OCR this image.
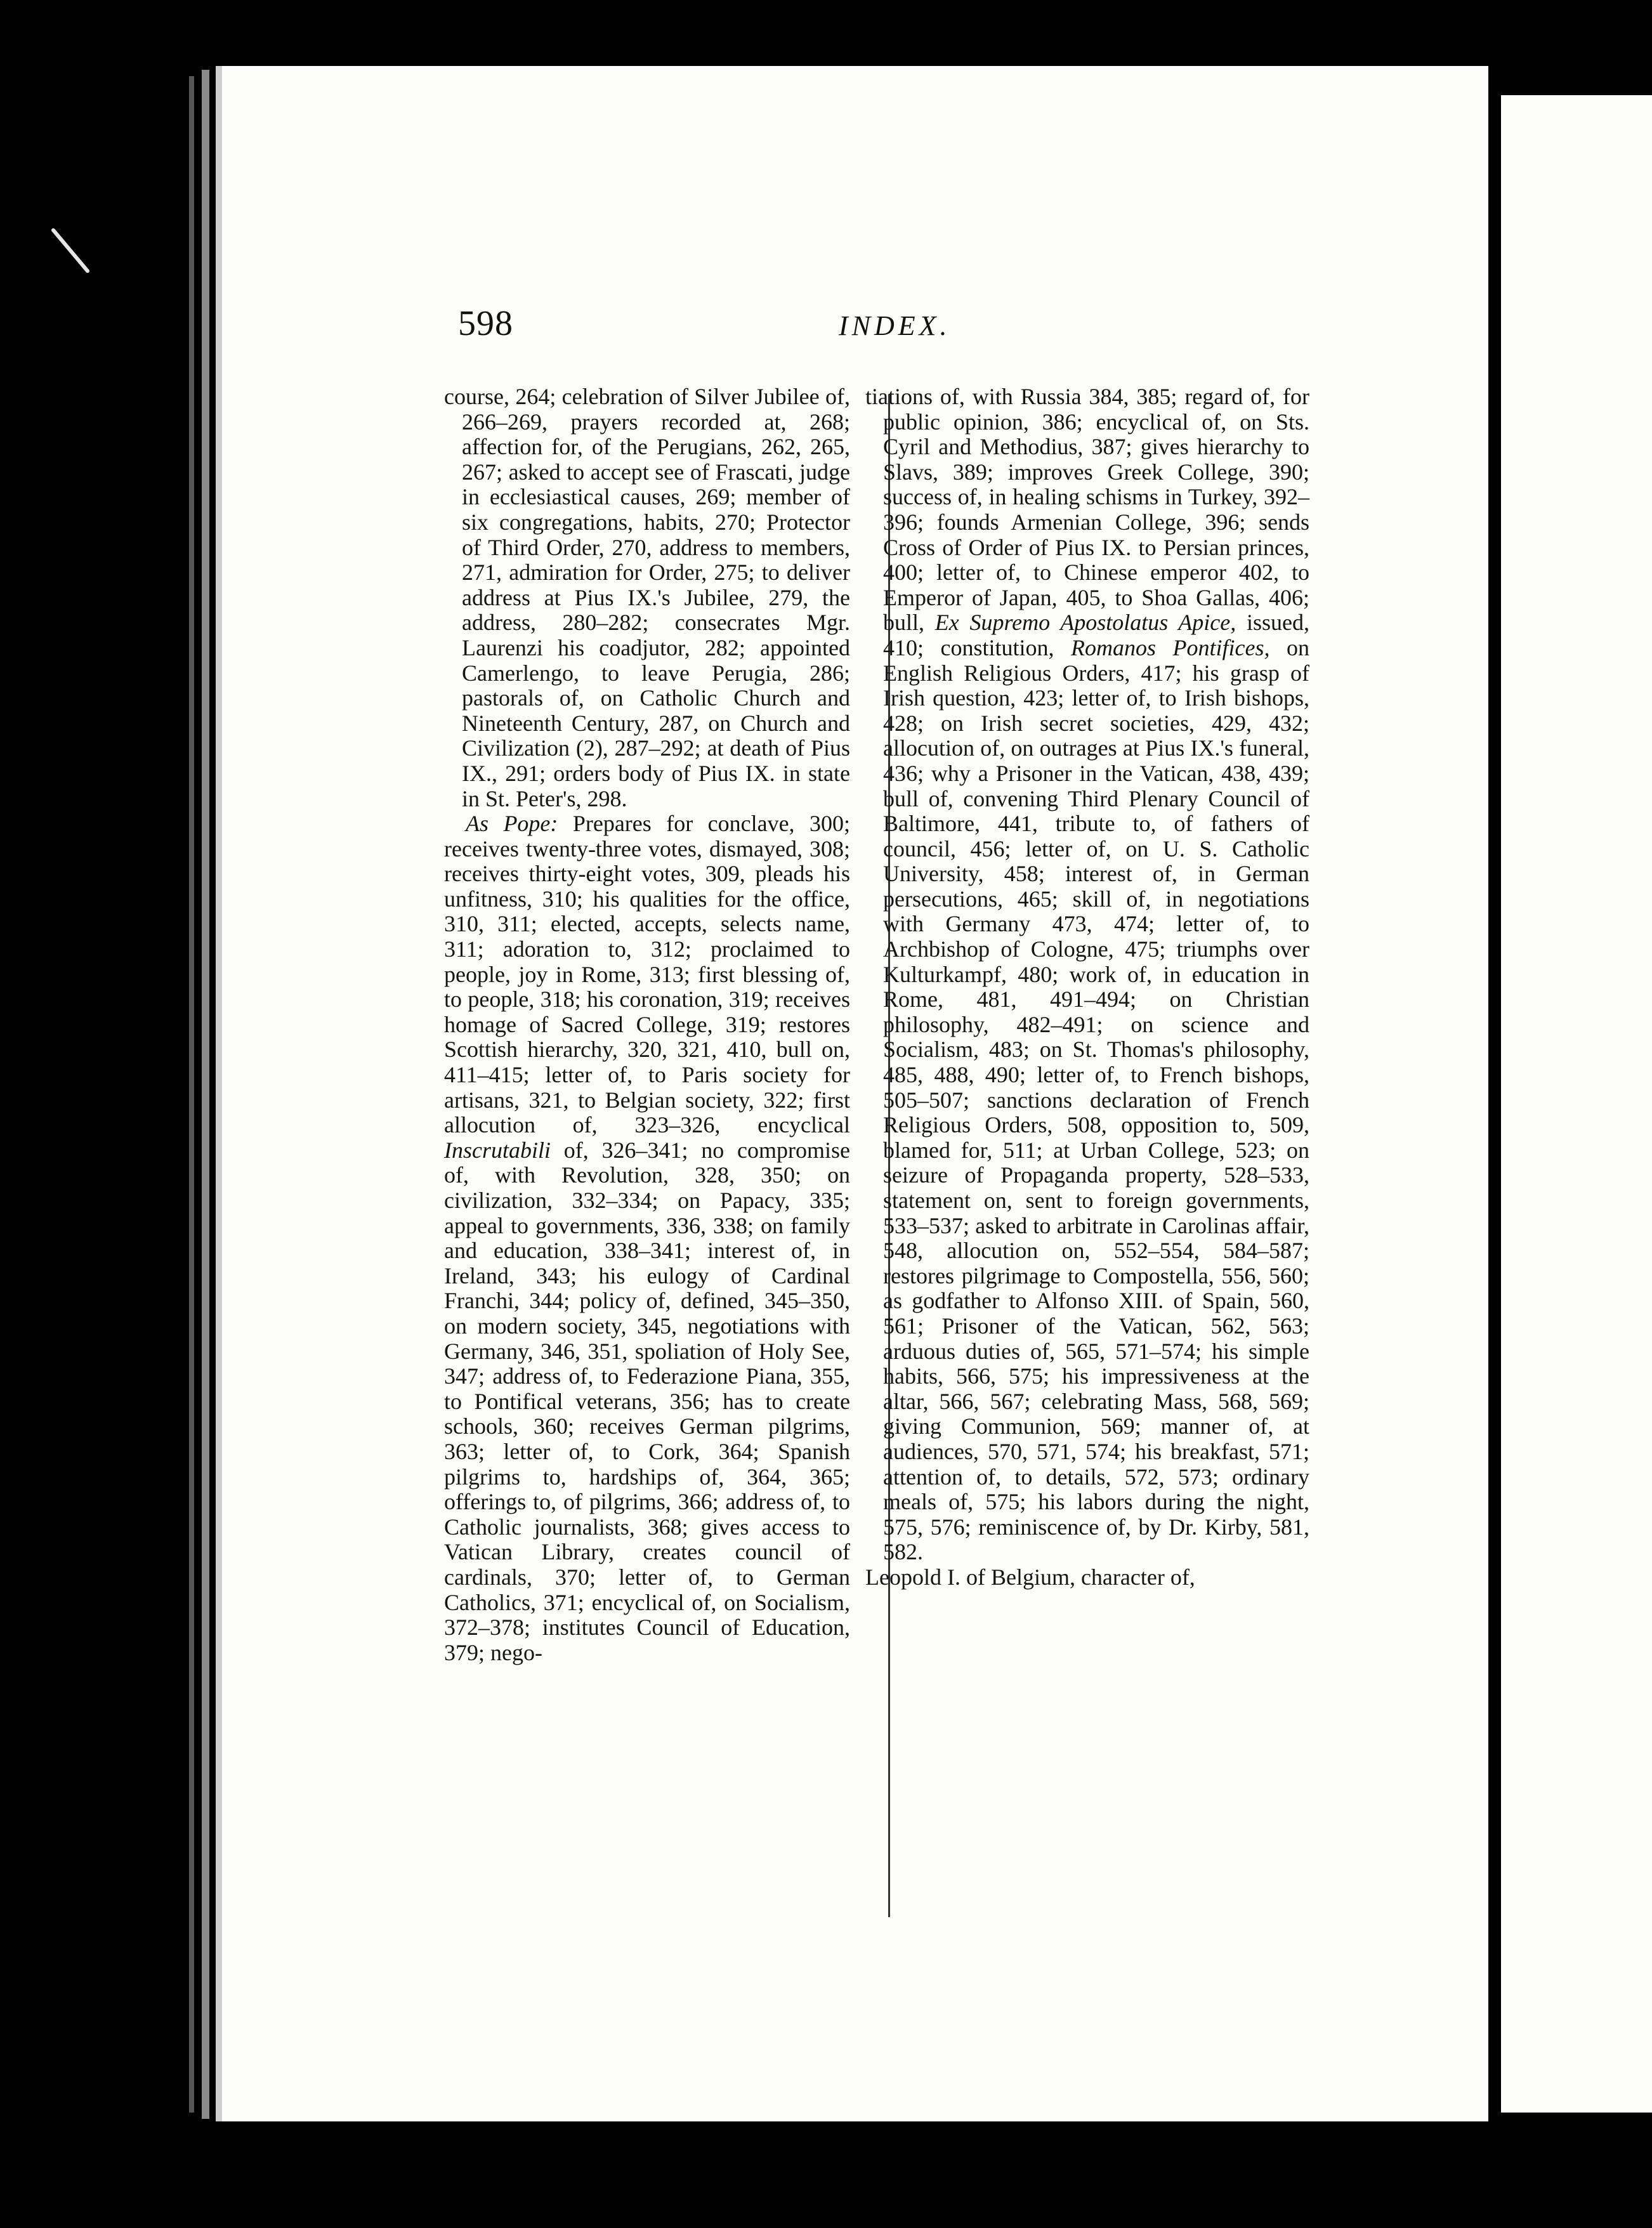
598	INDEX.

course, 264; celebration of Silver Jubilee of, 266–269, prayers recorded at, 268; affection for, of the Perugians, 262, 265, 267; asked to accept see of Frascati, judge in ecclesiastical causes, 269; member of six congregations, habits, 270; Protector of Third Order, 270, address to members, 271, admiration for Order, 275; to deliver address at Pius IX.'s Jubilee, 279, the address, 280–282; consecrates Mgr. Laurenzi his coadjutor, 282; appointed Camerlengo, to leave Perugia, 286; pastorals of, on Catholic Church and Nineteenth Century, 287, on Church and Civilization (2), 287–292; at death of Pius IX., 291; orders body of Pius IX. in state in St. Peter's, 298.

As Pope: Prepares for conclave, 300; receives twenty-three votes, dismayed, 308; receives thirty-eight votes, 309, pleads his unfitness, 310; his qualities for the office, 310, 311; elected, accepts, selects name, 311; adoration to, 312; proclaimed to people, joy in Rome, 313; first blessing of, to people, 318; his coronation, 319; receives homage of Sacred College, 319; restores Scottish hierarchy, 320, 321, 410, bull on, 411–415; letter of, to Paris society for artisans, 321, to Belgian society, 322; first allocution of, 323–326, encyclical Inscrutabili of, 326–341; no compromise of, with Revolution, 328, 350; on civilization, 332–334; on Papacy, 335; appeal to governments, 336, 338; on family and education, 338–341; interest of, in Ireland, 343; his eulogy of Cardinal Franchi, 344; policy of, defined, 345–350, on modern society, 345, negotiations with Germany, 346, 351, spoliation of Holy See, 347; address of, to Federazione Piana, 355, to Pontifical veterans, 356; has to create schools, 360; receives German pilgrims, 363; letter of, to Cork, 364; Spanish pilgrims to, hardships of, 364, 365; offerings to, of pilgrims, 366; address of, to Catholic journalists, 368; gives access to Vatican Library, creates council of cardinals, 370; letter of, to German Catholics, 371; encyclical of, on Socialism, 372–378; institutes Council of Education, 379; nego-

tiations of, with Russia 384, 385; regard of, for public opinion, 386; encyclical of, on Sts. Cyril and Methodius, 387; gives hierarchy to Slavs, 389; improves Greek College, 390; success of, in healing schisms in Turkey, 392–396; founds Armenian College, 396; sends Cross of Order of Pius IX. to Persian princes, 400; letter of, to Chinese emperor 402, to Emperor of Japan, 405, to Shoa Gallas, 406; bull, Ex Supremo Apostolatus Apice, issued, 410; constitution, Romanos Pontifices, on English Religious Orders, 417; his grasp of Irish question, 423; letter of, to Irish bishops, 428; on Irish secret societies, 429, 432; allocution of, on outrages at Pius IX.'s funeral, 436; why a Prisoner in the Vatican, 438, 439; bull of, convening Third Plenary Council of Baltimore, 441, tribute to, of fathers of council, 456; letter of, on U. S. Catholic University, 458; interest of, in German persecutions, 465; skill of, in negotiations with Germany 473, 474; letter of, to Archbishop of Cologne, 475; triumphs over Kulturkampf, 480; work of, in education in Rome, 481, 491–494; on Christian philosophy, 482–491; on science and Socialism, 483; on St. Thomas's philosophy, 485, 488, 490; letter of, to French bishops, 505–507; sanctions declaration of French Religious Orders, 508, opposition to, 509, blamed for, 511; at Urban College, 523; on seizure of Propaganda property, 528–533, statement on, sent to foreign governments, 533–537; asked to arbitrate in Carolinas affair, 548, allocution on, 552–554, 584–587; restores pilgrimage to Compostella, 556, 560; as godfather to Alfonso XIII. of Spain, 560, 561; Prisoner of the Vatican, 562, 563; arduous duties of, 565, 571–574; his simple habits, 566, 575; his impressiveness at the altar, 566, 567; celebrating Mass, 568, 569; giving Communion, 569; manner of, at audiences, 570, 571, 574; his breakfast, 571; attention of, to details, 572, 573; ordinary meals of, 575; his labors during the night, 575, 576; reminiscence of, by Dr. Kirby, 581, 582.

Leopold I. of Belgium, character of,
